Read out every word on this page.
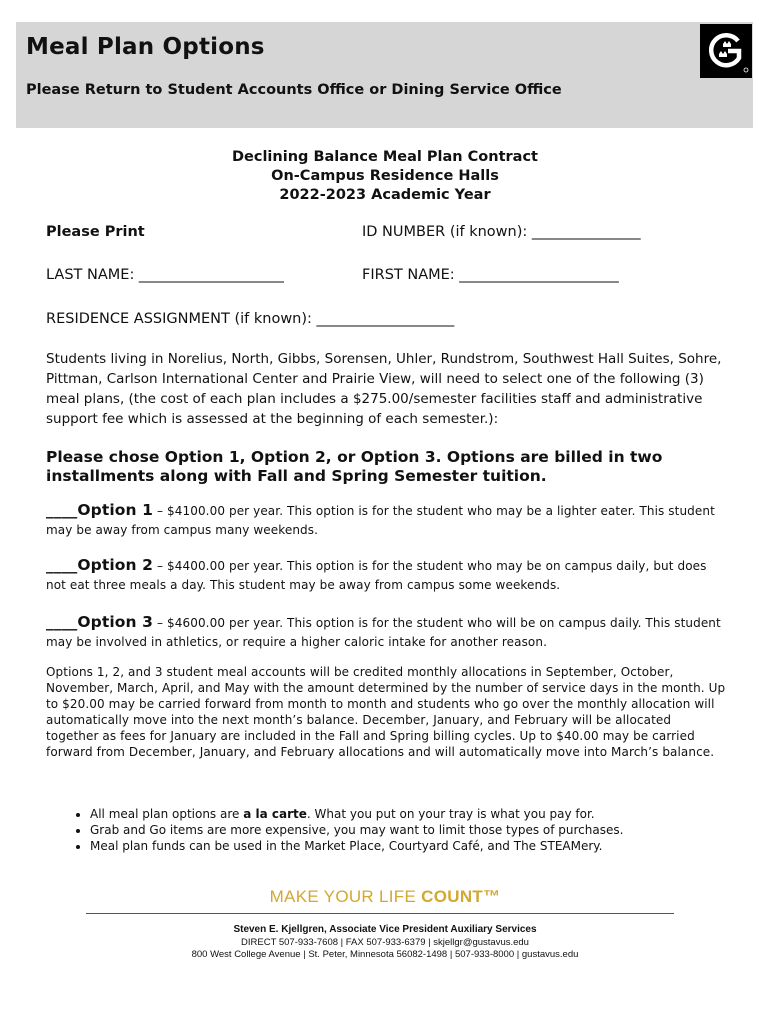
Meal Plan Options
Please Return to Student Accounts Office or Dining Service Office
Declining Balance Meal Plan Contract
On-Campus Residence Halls
2022-2023 Academic Year
Please Print	ID NUMBER (if known): _______________
LAST NAME: ____________________	FIRST NAME: ______________________
RESIDENCE ASSIGNMENT (if known): ___________________
Students living in Norelius, North, Gibbs, Sorensen, Uhler, Rundstrom, Southwest Hall Suites, Sohre, Pittman, Carlson International Center and Prairie View, will need to select one of the following (3) meal plans, (the cost of each plan includes a $275.00/semester facilities staff and administrative support fee which is assessed at the beginning of each semester.):
Please chose Option 1, Option 2, or Option 3. Options are billed in two installments along with Fall and Spring Semester tuition.
____Option 1 – $4100.00 per year. This option is for the student who may be a lighter eater. This student may be away from campus many weekends.
____Option 2 – $4400.00 per year. This option is for the student who may be on campus daily, but does not eat three meals a day. This student may be away from campus some weekends.
____Option 3 – $4600.00 per year. This option is for the student who will be on campus daily. This student may be involved in athletics, or require a higher caloric intake for another reason.
Options 1, 2, and 3 student meal accounts will be credited monthly allocations in September, October, November, March, April, and May with the amount determined by the number of service days in the month. Up to $20.00 may be carried forward from month to month and students who go over the monthly allocation will automatically move into the next month’s balance. December, January, and February will be allocated together as fees for January are included in the Fall and Spring billing cycles. Up to $40.00 may be carried forward from December, January, and February allocations and will automatically move into March’s balance.
• All meal plan options are a la carte. What you put on your tray is what you pay for.
• Grab and Go items are more expensive, you may want to limit those types of purchases.
• Meal plan funds can be used in the Market Place, Courtyard Café, and The STEAMery.
MAKE YOUR LIFE COUNT™
Steven E. Kjellgren, Associate Vice President Auxiliary Services
DIRECT 507-933-7608 | FAX 507-933-6379 | skjellgr@gustavus.edu
800 West College Avenue | St. Peter, Minnesota 56082-1498 | 507-933-8000 | gustavus.edu
